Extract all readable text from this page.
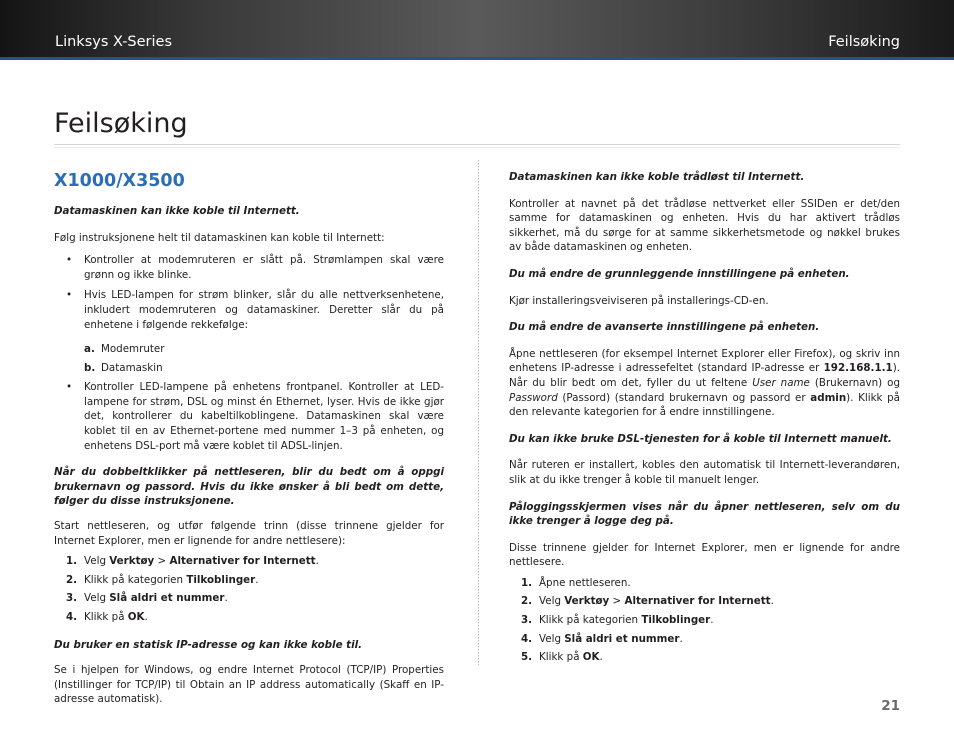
Linksys X-Series	Feilsøking
Feilsøking
X1000/X3500

Datamaskinen kan ikke koble til Internett.

Følg instruksjonene helt til datamaskinen kan koble til Internett:

• Kontroller at modemruteren er slått på. Strømlampen skal være grønn og ikke blinke.
• Hvis LED-lampen for strøm blinker, slår du alle nettverksenhetene, inkludert modemruteren og datamaskiner. Deretter slår du på enhetene i følgende rekkefølge:
a. Modemruter
b. Datamaskin
• Kontroller LED-lampene på enhetens frontpanel. Kontroller at LED-lampene for strøm, DSL og minst én Ethernet, lyser. Hvis de ikke gjør det, kontrollerer du kabeltilkoblingene. Datamaskinen skal være koblet til en av Ethernet-portene med nummer 1–3 på enheten, og enhetens DSL-port må være koblet til ADSL-linjen.

Når du dobbeltklikker på nettleseren, blir du bedt om å oppgi brukernavn og passord. Hvis du ikke ønsker å bli bedt om dette, følger du disse instruksjonene.

Start nettleseren, og utfør følgende trinn (disse trinnene gjelder for Internet Explorer, men er lignende for andre nettlesere):

1. Velg Verktøy > Alternativer for Internett.
2. Klikk på kategorien Tilkoblinger.
3. Velg Slå aldri et nummer.
4. Klikk på OK.

Du bruker en statisk IP-adresse og kan ikke koble til.

Se i hjelpen for Windows, og endre Internet Protocol (TCP/IP) Properties (Instillinger for TCP/IP) til Obtain an IP address automatically (Skaff en IP-adresse automatisk).

Datamaskinen kan ikke koble trådløst til Internett.

Kontroller at navnet på det trådløse nettverket eller SSIDen er det/den samme for datamaskinen og enheten. Hvis du har aktivert trådløs sikkerhet, må du sørge for at samme sikkerhetsmetode og nøkkel brukes av både datamaskinen og enheten.

Du må endre de grunnleggende innstillingene på enheten.

Kjør installeringsveiviseren på installerings-CD-en.

Du må endre de avanserte innstillingene på enheten.

Åpne nettleseren (for eksempel Internet Explorer eller Firefox), og skriv inn enhetens IP-adresse i adressefeltet (standard IP-adresse er 192.168.1.1). Når du blir bedt om det, fyller du ut feltene User name (Brukernavn) og Password (Passord) (standard brukernavn og passord er admin). Klikk på den relevante kategorien for å endre innstillingene.

Du kan ikke bruke DSL-tjenesten for å koble til Internett manuelt.

Når ruteren er installert, kobles den automatisk til Internett-leverandøren, slik at du ikke trenger å koble til manuelt lenger.

Påloggingsskjermen vises når du åpner nettleseren, selv om du ikke trenger å logge deg på.

Disse trinnene gjelder for Internet Explorer, men er lignende for andre nettlesere.

1. Åpne nettleseren.
2. Velg Verktøy > Alternativer for Internett.
3. Klikk på kategorien Tilkoblinger.
4. Velg Slå aldri et nummer.
5. Klikk på OK.
21
